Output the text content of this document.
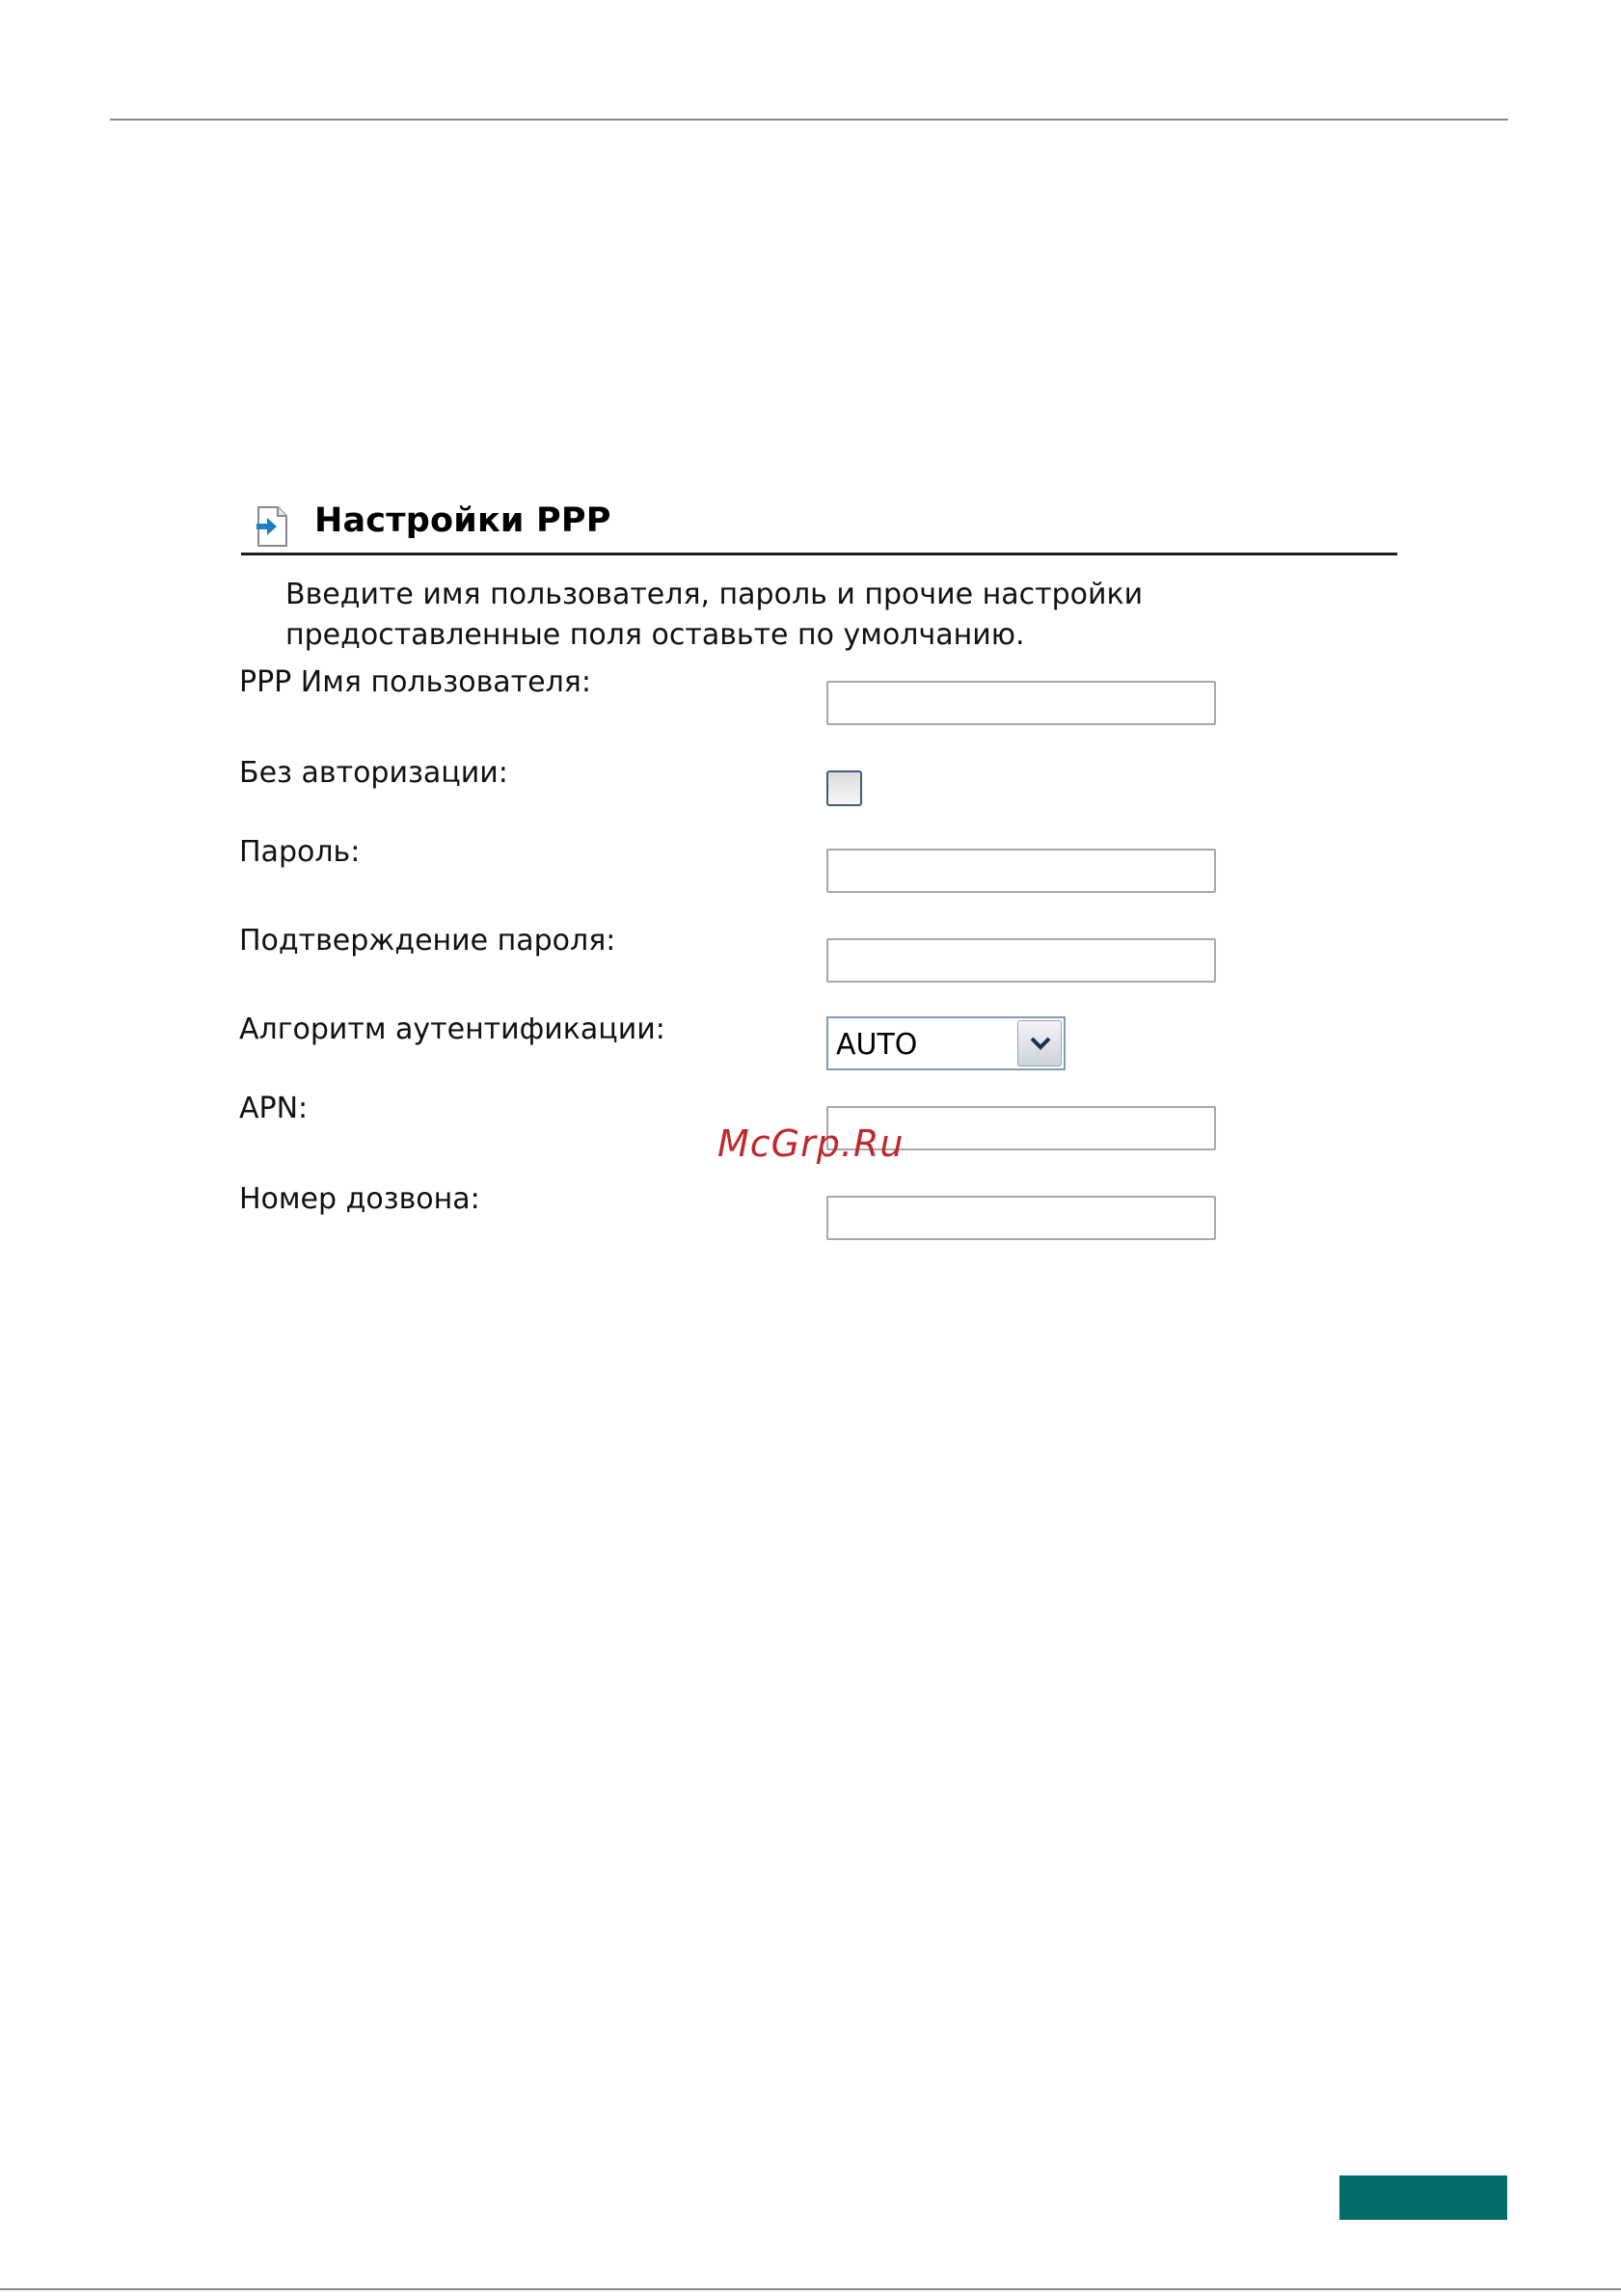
Настройки PPP
Введите имя пользователя, пароль и прочие настройки предоставленные поля оставьте по умолчанию.
PPP Имя пользователя:
Без авторизации:
Пароль:
Подтверждение пароля:
Алгоритм аутентификации:	AUTO
APN:
Номер дозвона:
McGrp.Ru
